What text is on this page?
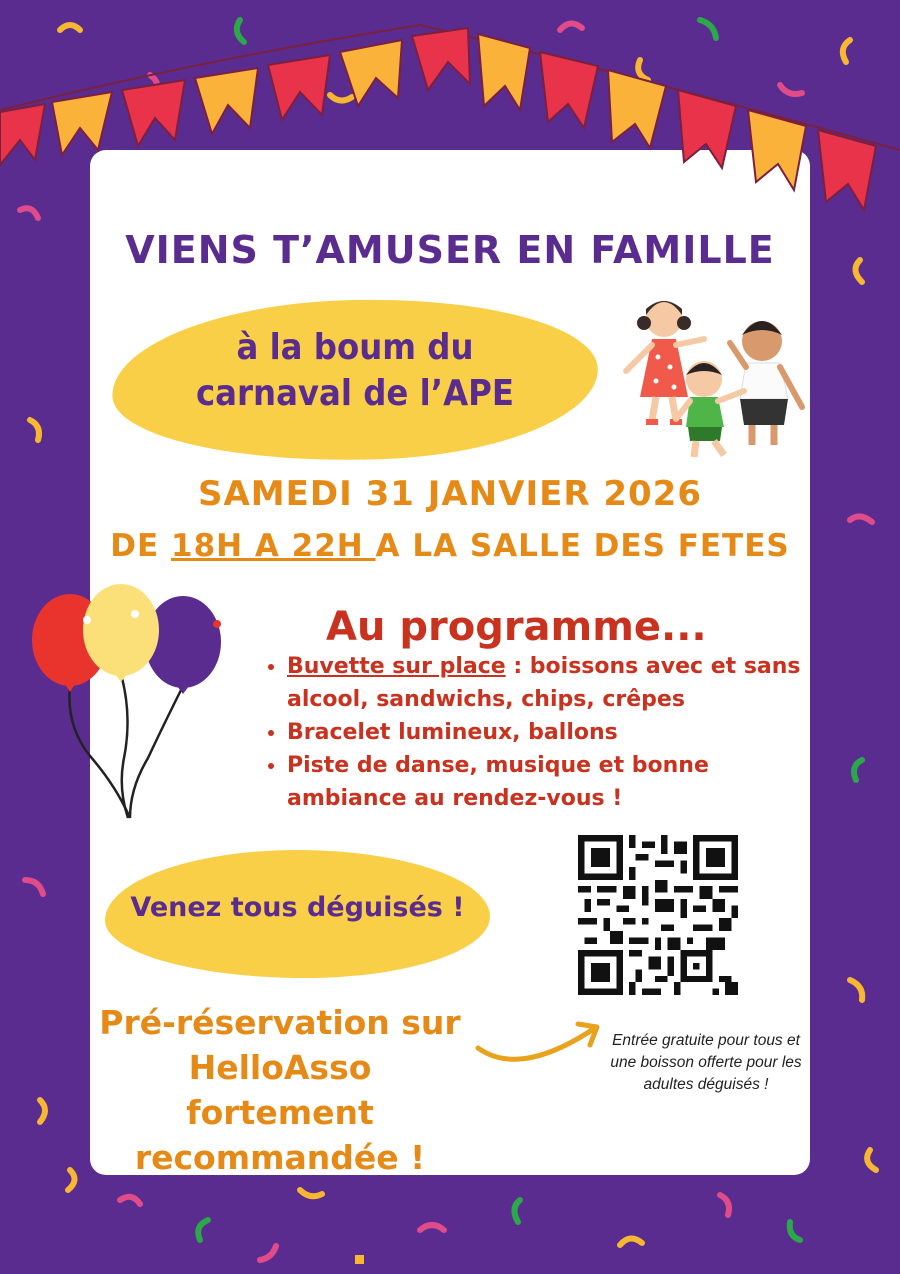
VIENS T’AMUSER EN FAMILLE
à la boum du
carnaval de l’APE
SAMEDI 31 JANVIER 2026
DE 18H A 22H A LA SALLE DES FETES
Au programme...
• Buvette sur place : boissons avec et sans alcool, sandwichs, chips, crêpes
• Bracelet lumineux, ballons
• Piste de danse, musique et bonne ambiance au rendez-vous !
Venez tous déguisés !
Pré-réservation sur HelloAsso fortement recommandée !
Entrée gratuite pour tous et une boisson offerte pour les adultes déguisés !
